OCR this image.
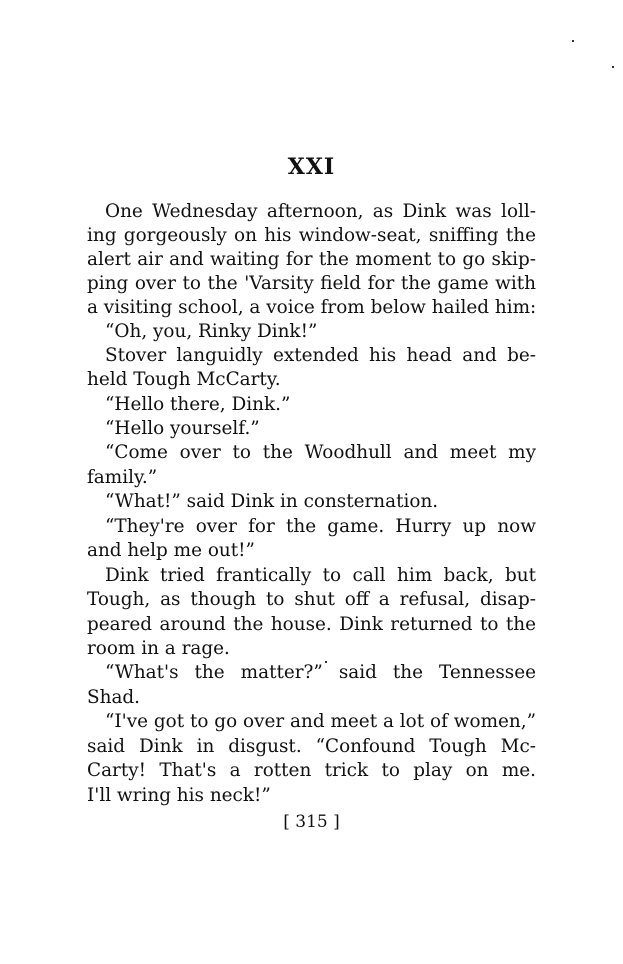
XXI
One Wednesday afternoon, as Dink was loll-
ing gorgeously on his window-seat, sniffing the
alert air and waiting for the moment to go skip-
ping over to the 'Varsity field for the game with
a visiting school, a voice from below hailed him:
“Oh, you, Rinky Dink!”
Stover languidly extended his head and be-
held Tough McCarty.
“Hello there, Dink.”
“Hello yourself.”
“Come over to the Woodhull and meet my
family.”
“What!” said Dink in consternation.
“They're over for the game. Hurry up now
and help me out!”
Dink tried frantically to call him back, but
Tough, as though to shut off a refusal, disap-
peared around the house. Dink returned to the
room in a rage.
“What's the matter?” said the Tennessee
Shad.
“I've got to go over and meet a lot of women,”
said Dink in disgust. “Confound Tough Mc-
Carty! That's a rotten trick to play on me.
I'll wring his neck!”
[ 315 ]
